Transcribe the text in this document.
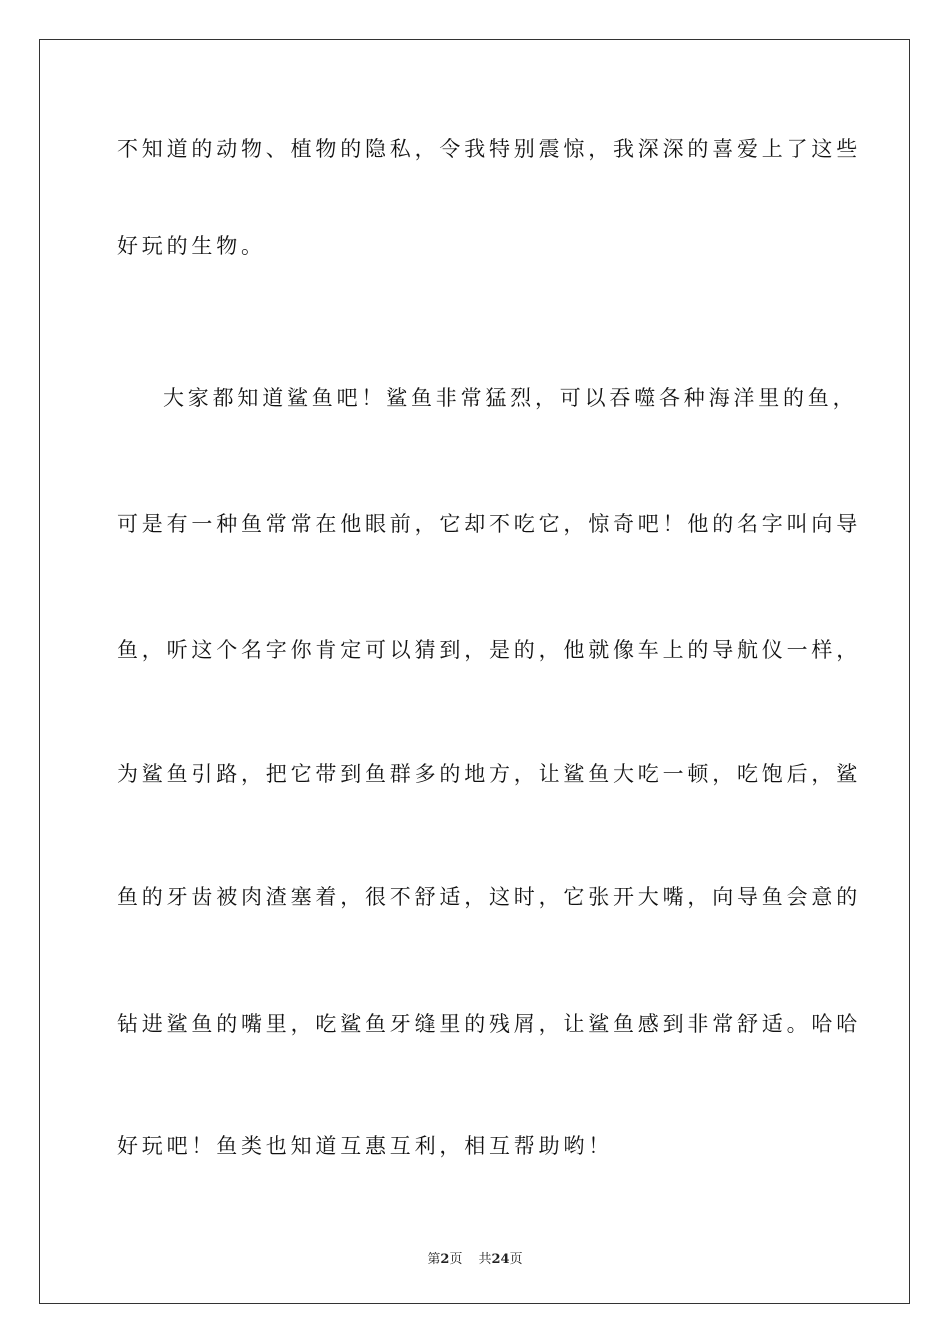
不知道的动物、植物的隐私，令我特别震惊，我深深的喜爱上了这些
好玩的生物。
大家都知道鲨鱼吧！鲨鱼非常猛烈，可以吞噬各种海洋里的鱼，
可是有一种鱼常常在他眼前，它却不吃它，惊奇吧！他的名字叫向导
鱼，听这个名字你肯定可以猜到，是的，他就像车上的导航仪一样，
为鲨鱼引路，把它带到鱼群多的地方，让鲨鱼大吃一顿，吃饱后，鲨
鱼的牙齿被肉渣塞着，很不舒适，这时，它张开大嘴，向导鱼会意的
钻进鲨鱼的嘴里，吃鲨鱼牙缝里的残屑，让鲨鱼感到非常舒适。哈哈
好玩吧！鱼类也知道互惠互利，相互帮助哟！
第2页 共24页
